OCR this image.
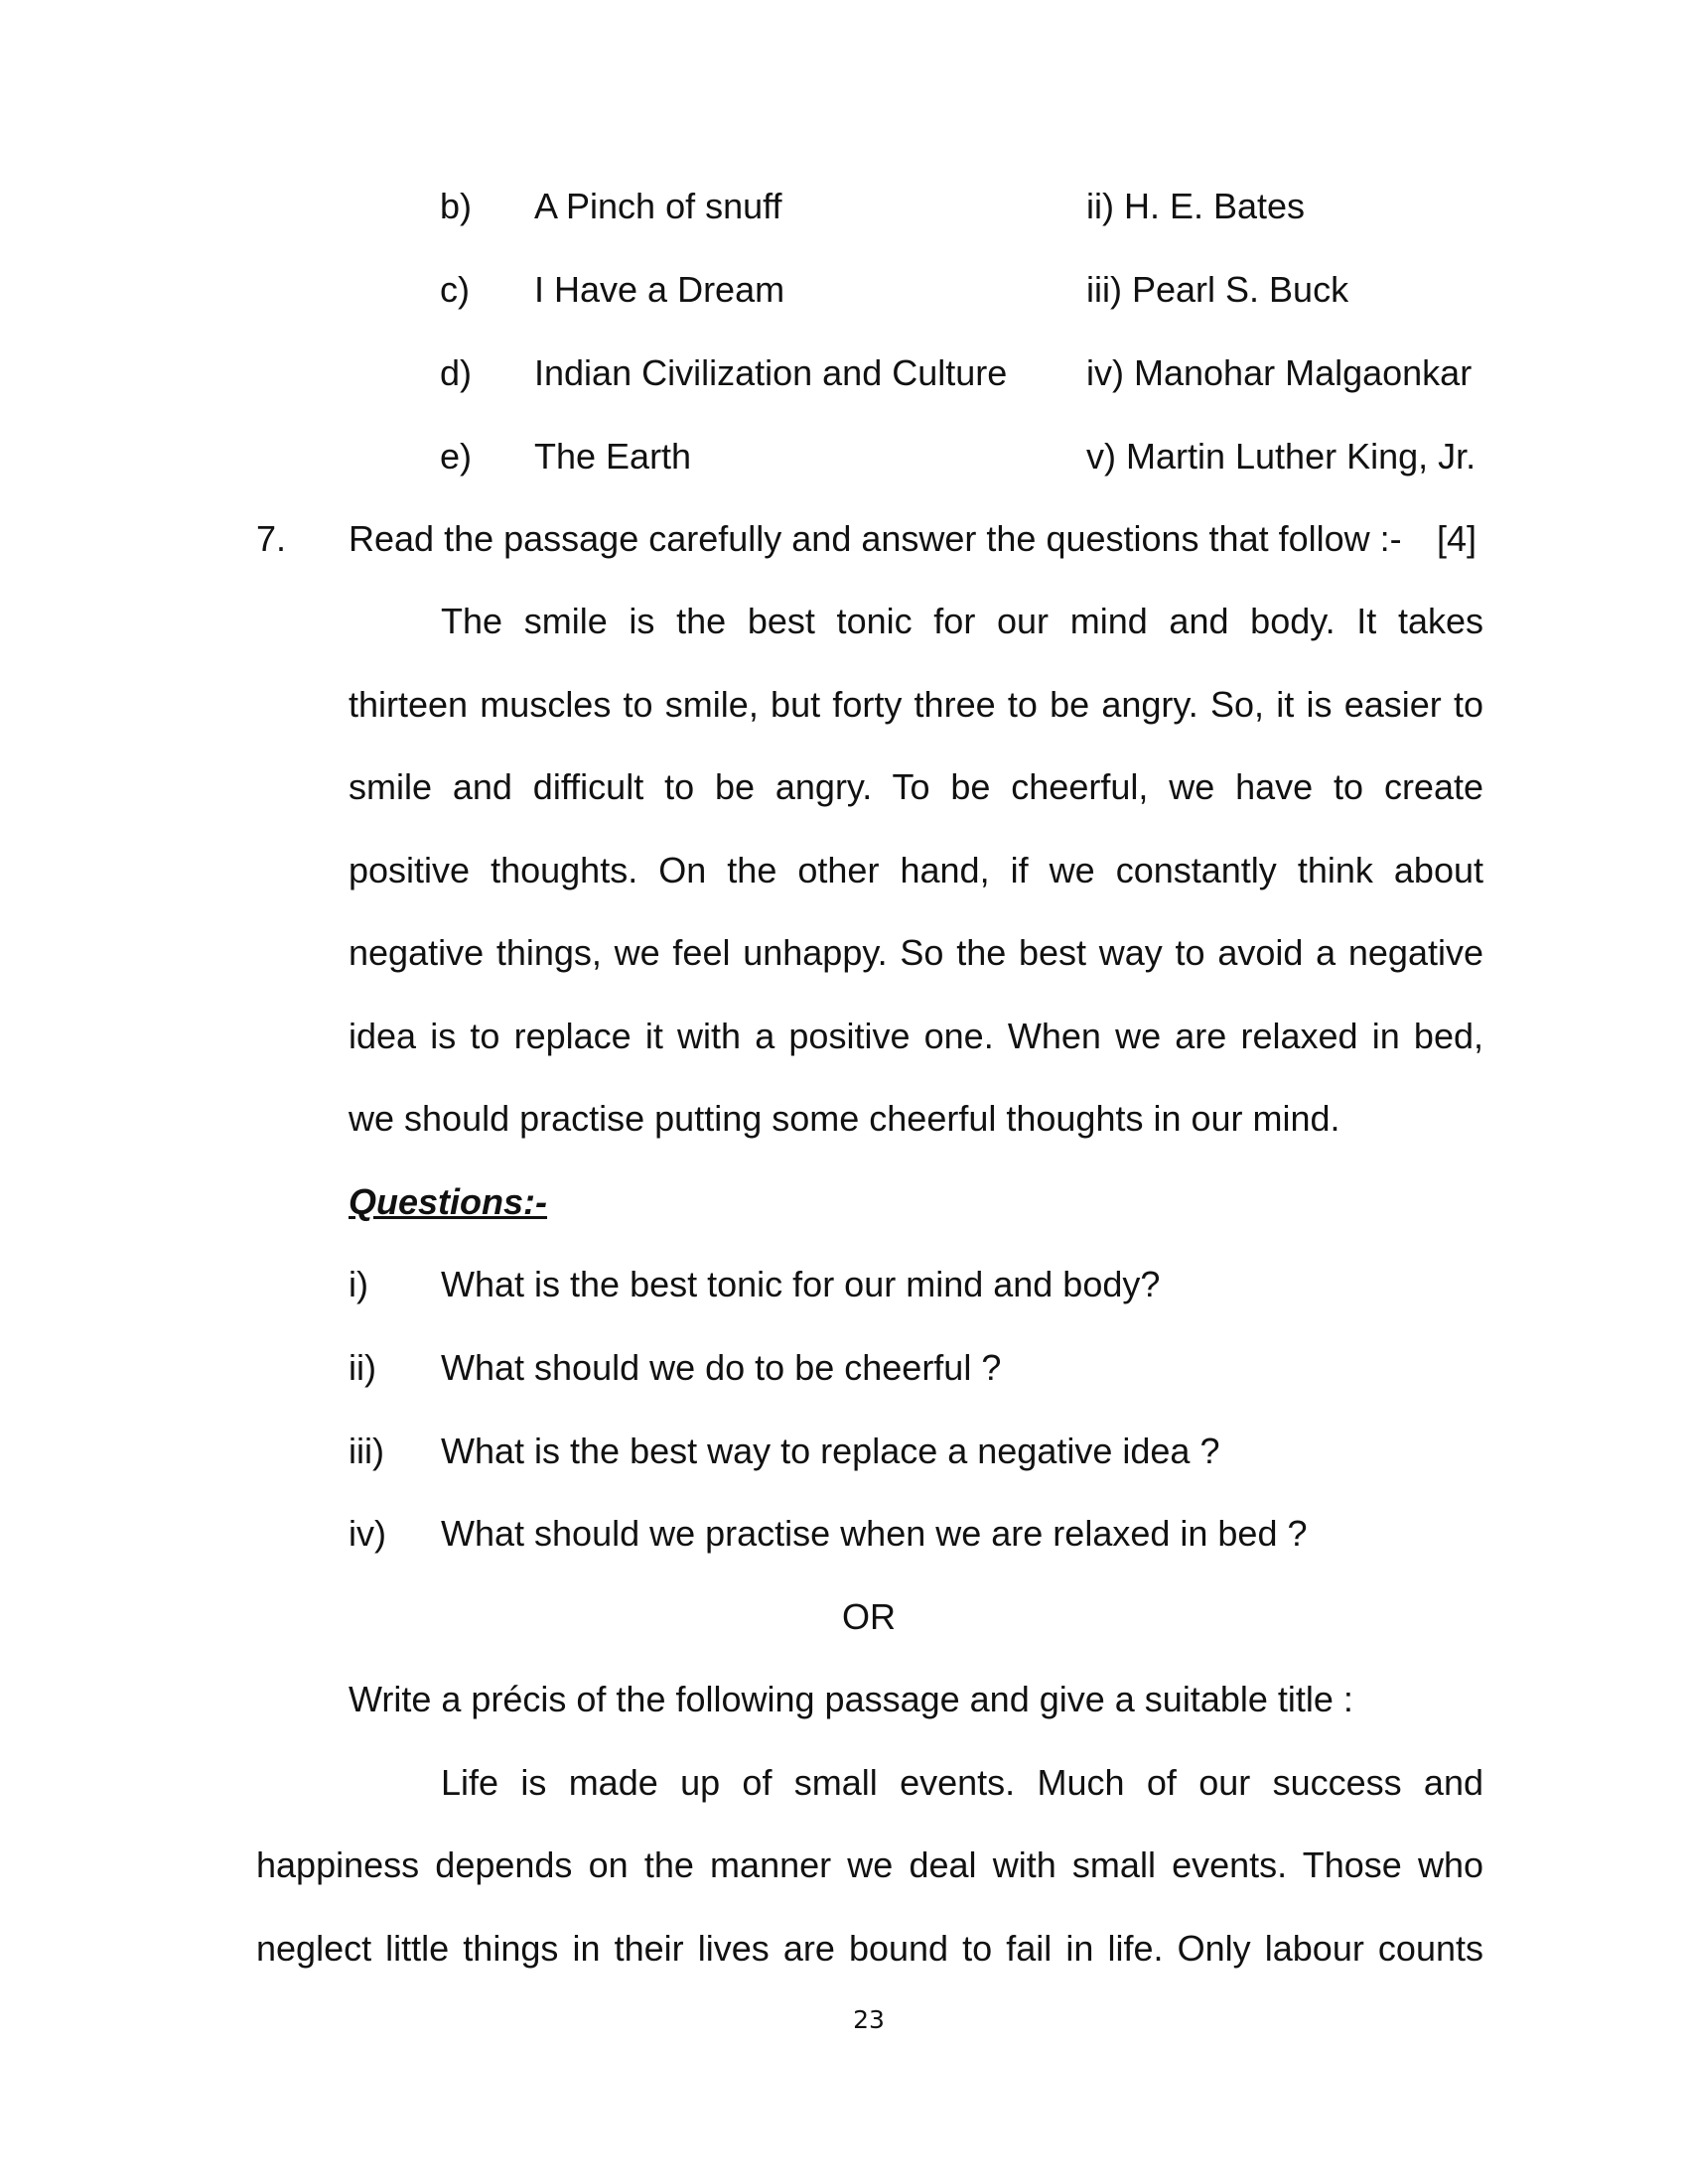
b) A Pinch of snuff	ii) H. E. Bates
c) I Have a Dream	iii) Pearl S. Buck
d) Indian Civilization and Culture iv) Manohar Malgaonkar
e) The Earth	v) Martin Luther King, Jr.
7. Read the passage carefully and answer the questions that follow :- [4]
The smile is the best tonic for our mind and body. It takes
thirteen muscles to smile, but forty three to be angry. So, it is easier to
smile and difficult to be angry. To be cheerful, we have to create
positive thoughts. On the other hand, if we constantly think about
negative things, we feel unhappy. So the best way to avoid a negative
idea is to replace it with a positive one. When we are relaxed in bed,
we should practise putting some cheerful thoughts in our mind.
Questions:-
i) What is the best tonic for our mind and body?
ii) What should we do to be cheerful ?
iii) What is the best way to replace a negative idea ?
iv) What should we practise when we are relaxed in bed ?
OR
Write a précis of the following passage and give a suitable title :
Life is made up of small events. Much of our success and
happiness depends on the manner we deal with small events. Those who
neglect little things in their lives are bound to fail in life. Only labour counts
23
